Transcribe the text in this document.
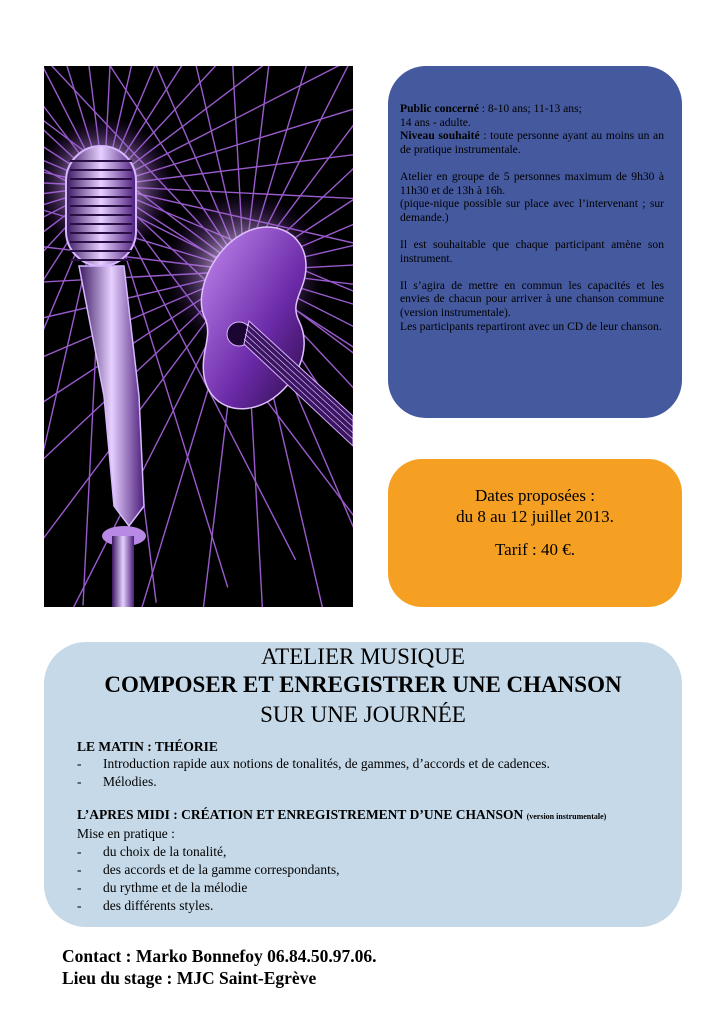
Public concerné : 8-10 ans; 11-13 ans;
14 ans - adulte.
Niveau souhaité : toute personne ayant au moins un an de pratique instrumentale.

Atelier en groupe de 5 personnes maximum de 9h30 à 11h30 et de 13h à 16h.
(pique-nique possible sur place avec l’intervenant ; sur demande.)

Il est souhaitable que chaque participant amène son instrument.

Il s’agira de mettre en commun les capacités et les envies de chacun pour arriver à une chanson commune (version instrumentale).

Les participants repartiront avec un CD de leur chanson.

Dates proposées :
du 8 au 12 juillet 2013.
Tarif : 40 €.
ATELIER MUSIQUE
COMPOSER ET ENREGISTRER UNE CHANSON
SUR UNE JOURNÉE
LE MATIN : THÉORIE
- Introduction rapide aux notions de tonalités, de gammes, d’accords et de cadences.
- Mélodies.
L’APRES MIDI : CRÉATION ET ENREGISTREMENT D’UNE CHANSON (version instrumentale)
Mise en pratique :
- du choix de la tonalité,
- des accords et de la gamme correspondants,
- du rythme et de la mélodie
- des différents styles.
Contact : Marko Bonnefoy 06.84.50.97.06.
Lieu du stage : MJC Saint-Egrève
